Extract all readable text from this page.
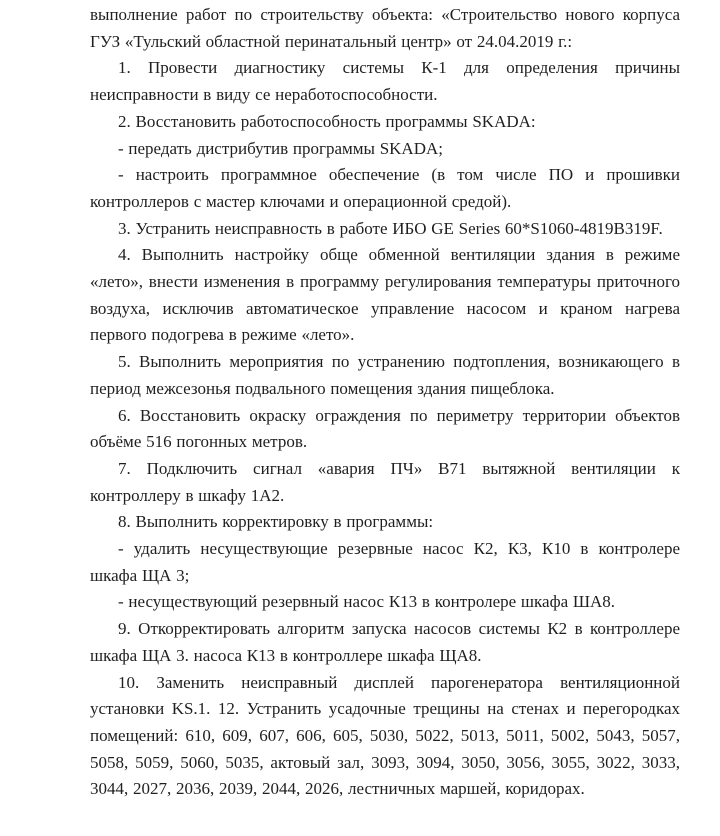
выполнение работ по строительству объекта: «Строительство нового корпуса ГУЗ «Тульский областной перинатальный центр» от 24.04.2019 г.:

1. Провести диагностику системы К-1 для определения причины неисправности в виду се неработоспособности.

2. Восстановить работоспособность программы SKADA:

- передать дистрибутив программы SKADA;

- настроить программное обеспечение (в том числе ПО и прошивки контроллеров с мастер ключами и операционной средой).

3. Устранить неисправность в работе ИБО GE Series 60*S1060-4819B319F.

4. Выполнить настройку обще обменной вентиляции здания в режиме «лето», внести изменения в программу регулирования температуры приточного воздуха, исключив автоматическое управление насосом и краном нагрева первого подогрева в режиме «лето».

5. Выполнить мероприятия по устранению подтопления, возникающего в период межсезонья подвального помещения здания пищеблока.

6. Восстановить окраску ограждения по периметру территории объектов объёме 516 погонных метров.

7. Подключить сигнал «авария ПЧ» В71 вытяжной вентиляции к контроллеру в шкафу 1А2.

8. Выполнить корректировку в программы:

- удалить несуществующие резервные насос К2, К3, К10 в контролере шкафа ЩА 3;

- несуществующий резервный насос К13 в контролере шкафа ША8.

9. Откорректировать алгоритм запуска насосов системы К2 в контроллере шкафа ЩА 3. насоса К13 в контроллере шкафа ЩА8.

10. Заменить неисправный дисплей парогенератора вентиляционной установки KS.1. 12. Устранить усадочные трещины на стенах и перегородках помещений: 610, 609, 607, 606, 605, 5030, 5022, 5013, 5011, 5002, 5043, 5057, 5058, 5059, 5060, 5035, актовый зал, 3093, 3094, 3050, 3056, 3055, 3022, 3033, 3044, 2027, 2036, 2039, 2044, 2026, лестничных маршей, коридорах.
